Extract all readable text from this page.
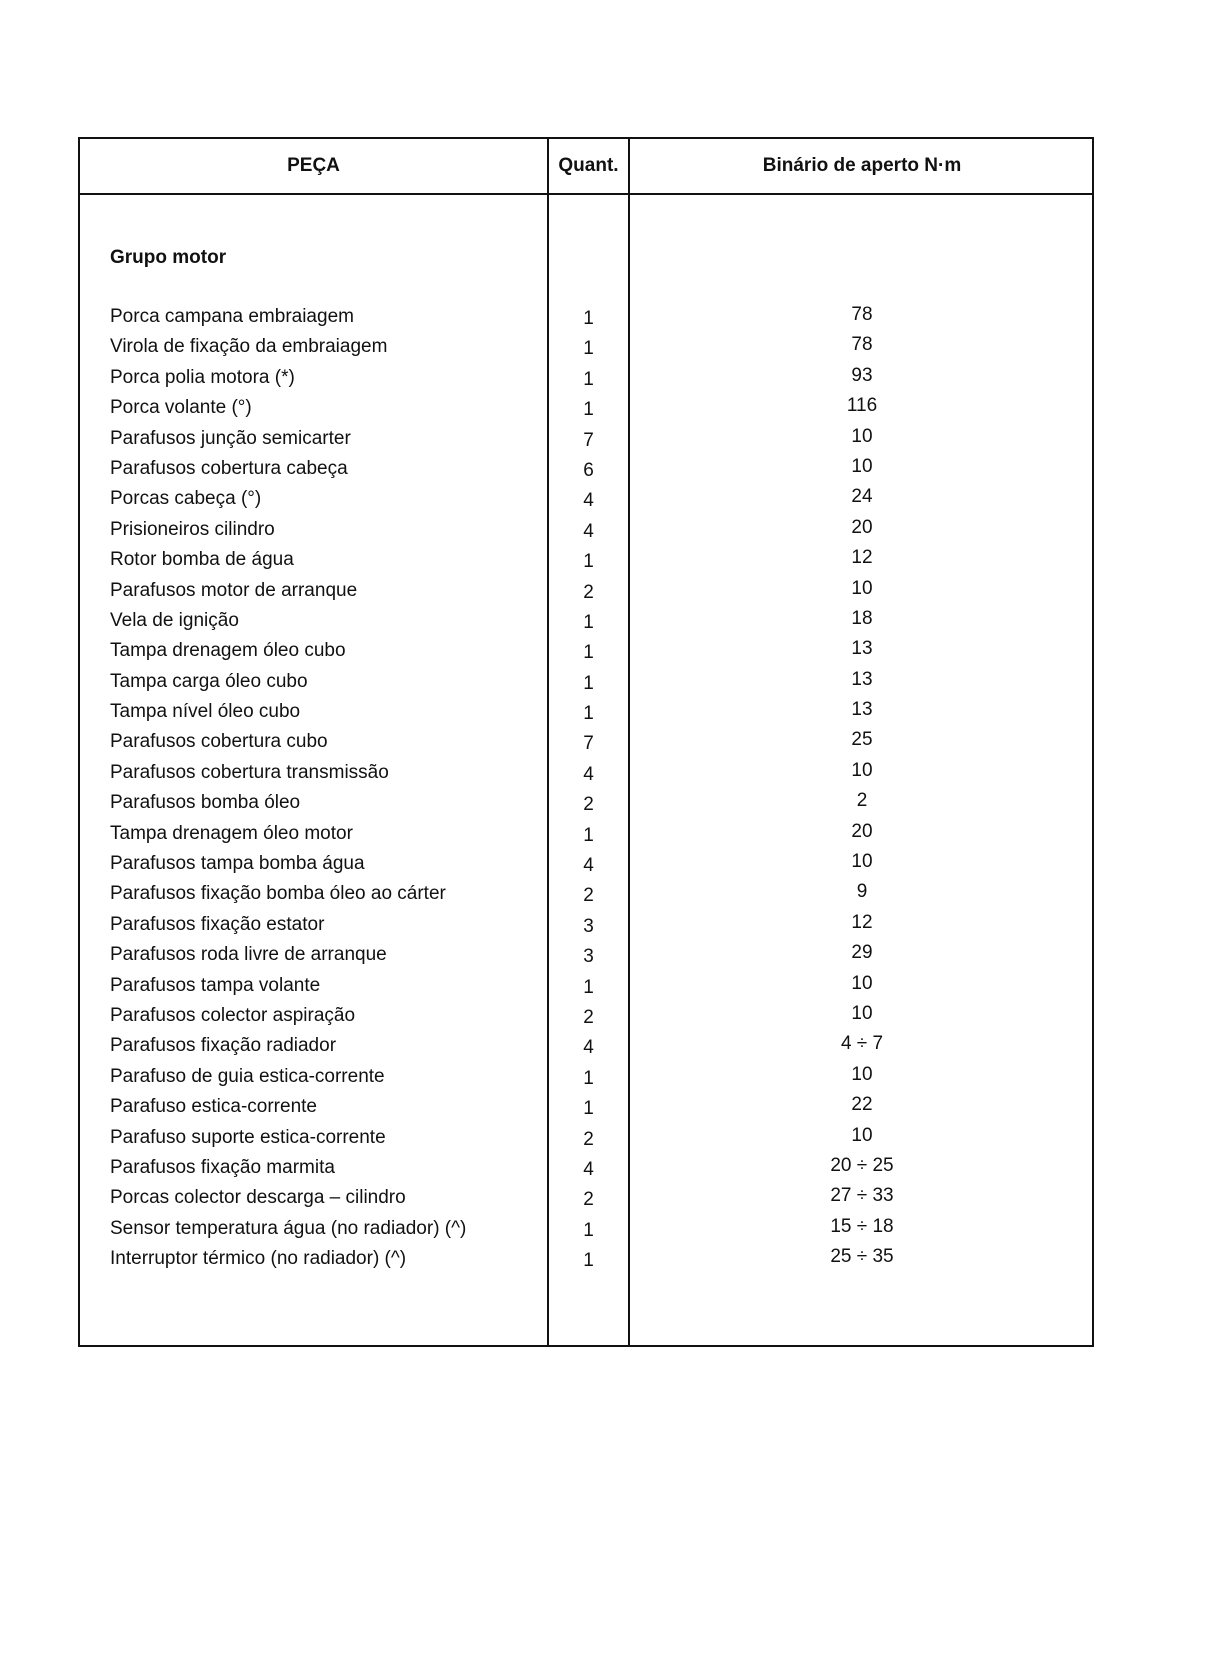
PEÇA	Quant.	Binário de aperto N·m
Grupo motor
Porca campana embraiagem	1	78
Virola de fixação da embraiagem	1	78
Porca polia motora (*)	1	93
Porca volante (°)	1	116
Parafusos junção semicarter	7	10
Parafusos cobertura cabeça	6	10
Porcas cabeça (°)	4	24
Prisioneiros cilindro	4	20
Rotor bomba de água	1	12
Parafusos motor de arranque	2	10
Vela de ignição	1	18
Tampa drenagem óleo cubo	1	13
Tampa carga óleo cubo	1	13
Tampa nível óleo cubo	1	13
Parafusos cobertura cubo	7	25
Parafusos cobertura transmissão	4	10
Parafusos bomba óleo	2	2
Tampa drenagem óleo motor	1	20
Parafusos tampa bomba água	4	10
Parafusos fixação bomba óleo ao cárter	2	9
Parafusos fixação estator	3	12
Parafusos roda livre de arranque	3	29
Parafusos tampa volante	1	10
Parafusos colector aspiração	2	10
Parafusos fixação radiador	4	4 ÷ 7
Parafuso de guia estica-corrente	1	10
Parafuso estica-corrente	1	22
Parafuso suporte estica-corrente	2	10
Parafusos fixação marmita	4	20 ÷ 25
Porcas colector descarga – cilindro	2	27 ÷ 33
Sensor temperatura água (no radiador) (^)	1	15 ÷ 18
Interruptor térmico (no radiador) (^)	1	25 ÷ 35
